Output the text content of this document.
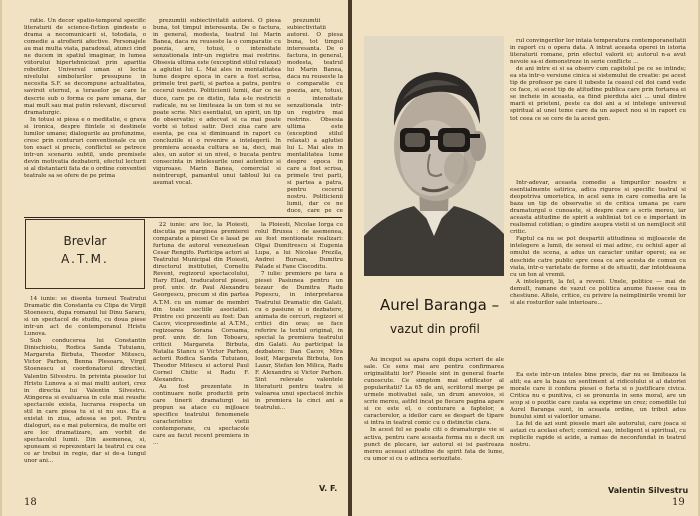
ratie. Un decor spatio-temporal specific literaturii de science-fiction gindeste o drama a necomunicarii si, totodata, o comedie a atrofierii afective. Personajele au mai multa viata, paradoxal, atunci cind ne ducem in spatiul imaginar, in lumea viitorului hipertehnicizat prin aparitia robotilor. Universul uman si lectia nivelului simbolurilor presupune in necesita S.F. se decompune actualitatea, savirsit eternul, a teraselor pe care le descrie sub o forma ce pare umana, dar mai mult sau mai putin relevant, discursul dramaturgic.

In totusi si piesa e o meditatie, e grava si ironica, despre fiintele si destinele lumilor umane; dialogurile au profunzime, cresc prin contururi conventionale cu un ton exact si precis, conflictul se petrece intr-un scenariu subtil, unde premisele devin motivatia dezbaterii, efectul lecturii si al distantarii fata de o ordine conventiei teatrale sa se ofere de pe prima

prezumtii subiectivitatii autorei. O piesa buna, tot timpul interesanta. De o factura, in general, modesta, teatrul lui Marin Banea, daca nu reuseste la o comparatie cu poezia, are, totusi, o intensitate senzationala intr-un registru mai restrins. Obsesia ultima este (exceptind stilul relaxat) a aglutiei lui L. Mai ales in mentalitatea lume despre epoca in care a fost scrisa, primele trei parti, si partea a patra, pentru cecerul nostru. Politicienii lumii, dar ce ne duce, care pe ce distin, fata a-le restrictii radicale, nu se limiteaza la un tom si nu se poate scrie. Nici esentialul, un spirit, un tip de observatie; e adecvat si ca mai poate vorbi si totusi satir. Deci ziua care are esenta, pe cea si diminuand in raport cu concluziile si o revenire a intelegerii. In premiera aceasta cultura se ia, deci, mai ales, un autor si un nivel, o bucata pentru consecinta in intelesurile unei autentice si viguroase. Marin Banea, comercial si neintrerupt, pamantul unui tabloul lui ca asumat vocal.

prezumtii subiectivitatii autorei. O piesa buna, tot timpul interesanta. De o factura, in general, modesta, teatrul lui Marin Banea, daca nu reuseste la o comparatie cu poezia, are, totusi, o intensitate senzationala intr-un registru mai restrins. Obsesia ultima este (exceptind stilul relaxat) a aglutiei lui L. Mai ales in mentalitatea lume despre epoca in care a fost scrisa, primele trei parti, si partea a patra, pentru cecerul nostru. Politicienii lumii, dar ce ne duce, care pe ce

Brevlar
A.T.M.

14 iunie: se disenta turneul Teatrului Dramatic din Constanta cu Clipa de Virgil Stoenescu, dupa romanul lui Dinu Sararu, si un spectacol de studiu, cu doua piese intr-un act de contemporanul Hristu Lunova.

Sub conducerea lui Constantin Dinischiotu, Rodica Sanda Tutuianu, Margareta Birbuta, Theodor Mitescu, Victor Parhon, Benna Plesoaru, Virgil Stoenescu si coordonatorul directiei, Valentin Silvestru. In privinta pieselor lui Hristu Lunova a si mai multi autori, crez in directia lui Valentin Silvestru. Atingerea si evaluarea in cele mai reusite spectacole exista, lucrarea respecta un stil in care piesa tu si si nu sus. Ea a existat in ziua, adesea se pot. Pentru dialoguri, ea e mai puternica, de multe ori are loc dramatizare, am vorbit de spectacolul lumii. Din asemenea, si, spuneam si reprezentari la teatrul cu cea ce ar trebui in regie, dar si de-a lungul unor ani...

22 iunie: are loc, la Ploiesti, discutia pe marginea premierei comparate a piesei Ce e lasat pe furtuna de autorul venezuelean Cesar Rengifo. Participa actori ai Teatrului Municipal din Ploiesti, directorul institutiei, Corneliu Revent, regizorul spectacolului, Hary Eliad, traducatorul piesei, prof. univ. dr. Paul Alexandru Georgescu, precum si din partea A.T.M. cu un numar de membri din toate sectiile asociatiei. Printre cei prezenti au fost: Dan Cacov, vicepresedinte al A.T.M., regizoarea Sorana Coroama, prof. univ. dr. Ion Toboaru, criticii Margareta Birbuta, Natalia Stancu si Victor Parhon, actorii Rodica Sanda Tutuianu, Theodor Mitescu si actorul Paul Cornel Chitic si Radu F. Alexandru.

Au fost prezentate in continuare noile productii prin care tinerii dramaturgi isi propun sa atace cu mijloace specifice teatrului fenomenele caracteristice vietii contemporane, cu spectacole care au facut recent premiera in ...

la Ploiesti, Nicolae Iorga cu rolul Bruxea : de asemenea, au fost mentionate realizari: Olgai Dumitrescu si Eugenia Lupa, a lui Nicolae Prezila, Andrei Bursan, Dumitru Palade si Fane Ciocoditu.

7 iulie: premiere pe tara a piesei Pasiunea pentru un tezaur de Dumitra Radu Popescu, in interpretarea Teatrului Dramatic din Galati, cu o pasiune si o dezbatere, animata de cercuri, regizori si critici din oras; se face referire la textul original, in special la premiera teatrului din Galati. Au participat la dezbatere: Dan Cacov, Mira Iosif, Margareta Birbuta, Ion Lazar, Stefan Ion Milica, Radu F. Alexandru si Victor Parhon. Sint relevate valentele literaturii pentru teatru si valoarea unui spectacol inchis in premiera la cinci ani a teatrului...

V. F.
18
Aurel Baranga –
vazut din profil

rul convingerilor lor intaia temperatura contemporaneitatii in raport cu o opera data. A intrat aceasta operei in istoria literaturii romane, prin efectul valorii ei; autorul n-a avut nevoie sa-si demonstreze in serie conflicte ...

de ani intre ei si sa observ cum capitolul pe ce se intinde; ea sta intr-o versiune cinica si sistemului de creatie: pe acest tip de profesor pe care il iubeste la ceasul cel doi cand vede ce face, si acest tip de atitudine publica care prin fortarea ei se incheie in aceasta, ea fiind pierduta aici ... unul dintre marii ei prieteni, peste ca doi ani a si intelege universul spiritual al unei teme care da un aspect nou si in raport cu tot ceea ce se cere de la acest gen.

Intr-adevar, aceasta comedie a timpurilor noastre e esentialmente satirica, adica riguros si specific teatral si deopotriva umoristica, in acel sens in care comedia are la baza un tip de observatie si de critica umana pe care dramaturgul o cunoaste, si despre care a scris mereu, iar aceasta atitudine de spirit a subliniat tot ce e important in realismul cotidian; o gindire asupra vietii si un nemijlocit stil critic.

Faptul ca nu se pot despartii atitudinea si mijloacele de intelegere a lumii, de sensul ei mai adinc, cu ochiul ager al omului de scena, a adus un caracter unitar operei; ea se deschide catre public spre ceea ce are acesta de comun cu viata, intr-o varietate de forme si de situatii, dar intotdeauna cu un ton al vremii.

A intelegerii, la fel, a reveni. Unele, politice — mai de demult, ramane de vazut ce politica anume fusese cea in chestiune. Altele, critice, cu privire la neimplinirile vremii lor si ale rosturilor sale interioare...

Au inceput sa apara copii dupa scrieri de ale sale. Ce sens mai are pentru confirmarea originalitatii lor? Piesele sint in general foarte cunoscute. Ce simptom mai edificator al popularitatii? La 65 de ani, scriitorul merge pe urmele motivatiei sale, un drum anevoios, si scrie mereu, astfel incat pe fiecare pagina apare si ce este el, o conturare a faptelor, a caracterelor, a ideilor care se despart de tipare si intra in teatrul comic cu o distinctie clara.

In acest fel se poate citi o dramaturgie vie si activa, pentru care aceasta forma nu e decit un punct de plecare, iar autorul ei isi pastreaza mereu aceeasi atitudine de spirit fata de lume, cu umor si cu o adinca seriozitate.

Ea este intr-un inteles bine precis, dar nu se limiteaza la atit; ea are la baza un sentiment al ridicolului si al datoriei morale care ii confera piesei o forta si o justificare civica. Critica nu e punitiva, ci se pronunta in sens moral, are un scop si o pozitie care cauta sa exprime un crez; comediile lui Aurel Baranga sunt, in aceasta ordine, un tribut adus bunului simt si valorilor umane.

La fel de azi sunt piesele mari ale autorului, care joaca si astazi cu acelasi efect; comicul sau, inteligent si spiritual, cu replicile rapide si acide, a ramas de neconfundat in teatrul nostru.

Valentin Silvestru
19
